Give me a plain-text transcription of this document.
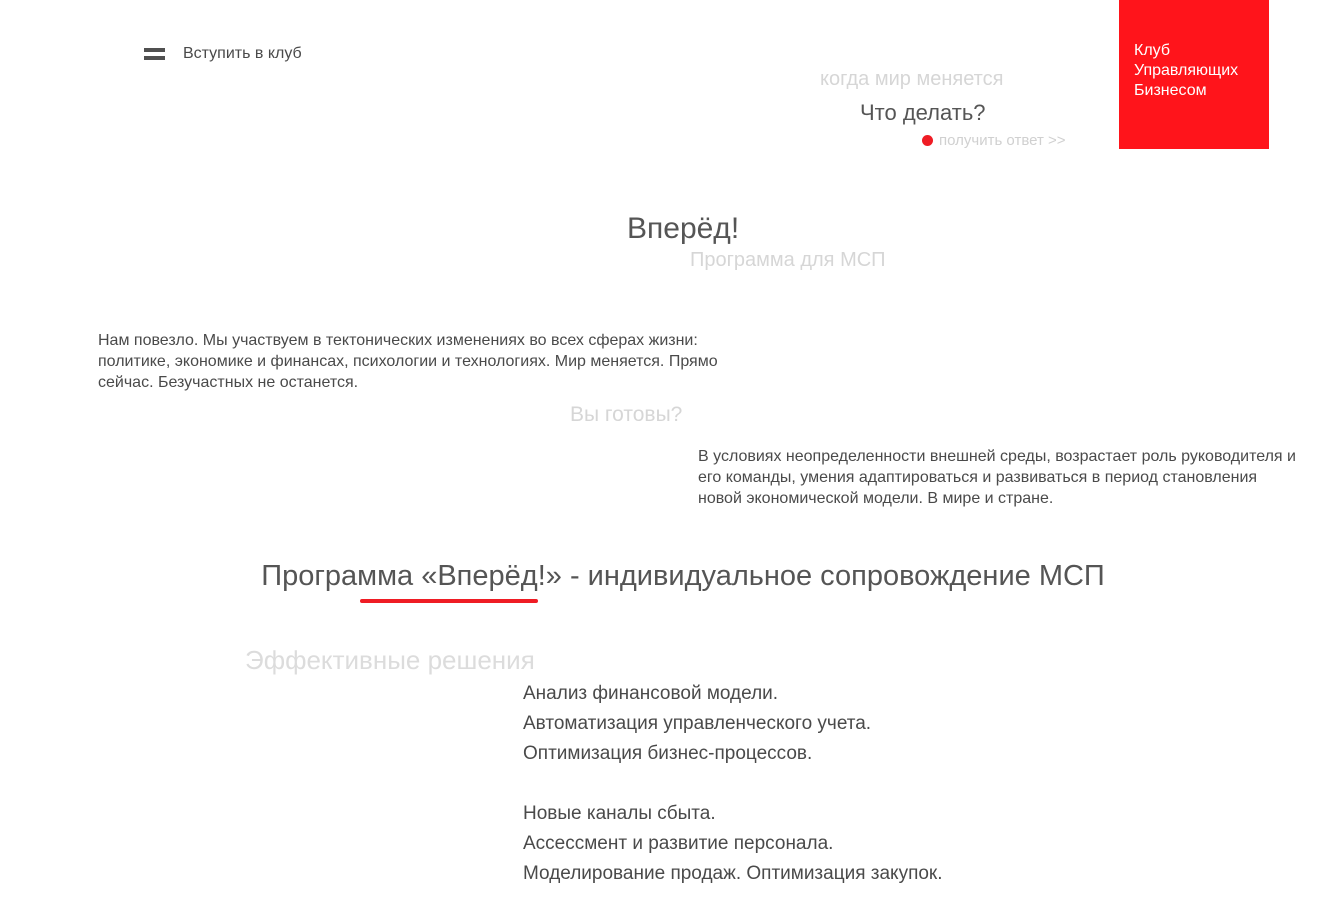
Вступить в клуб
когда мир меняется
Что делать?
получить ответ >>
Клуб
Управляющих
Бизнесом
Вперёд!
Программа для МСП

Нам повезло. Мы участвуем в тектонических изменениях во всех сферах жизни: политике, экономике и финансах, психологии и технологиях. Мир меняется. Прямо сейчас. Безучастных не останется.

Вы готовы?

В условиях неопределенности внешней среды, возрастает роль руководителя и его команды, умения адаптироваться и развиваться в период становления новой экономической модели. В мире и стране.

Программа «Вперёд!» - индивидуальное сопровождение МСП
Эффективные решения
Анализ финансовой модели.
Автоматизация управленческого учета.
Оптимизация бизнес-процессов.
Новые каналы сбыта.
Ассессмент и развитие персонала.
Моделирование продаж. Оптимизация закупок.
